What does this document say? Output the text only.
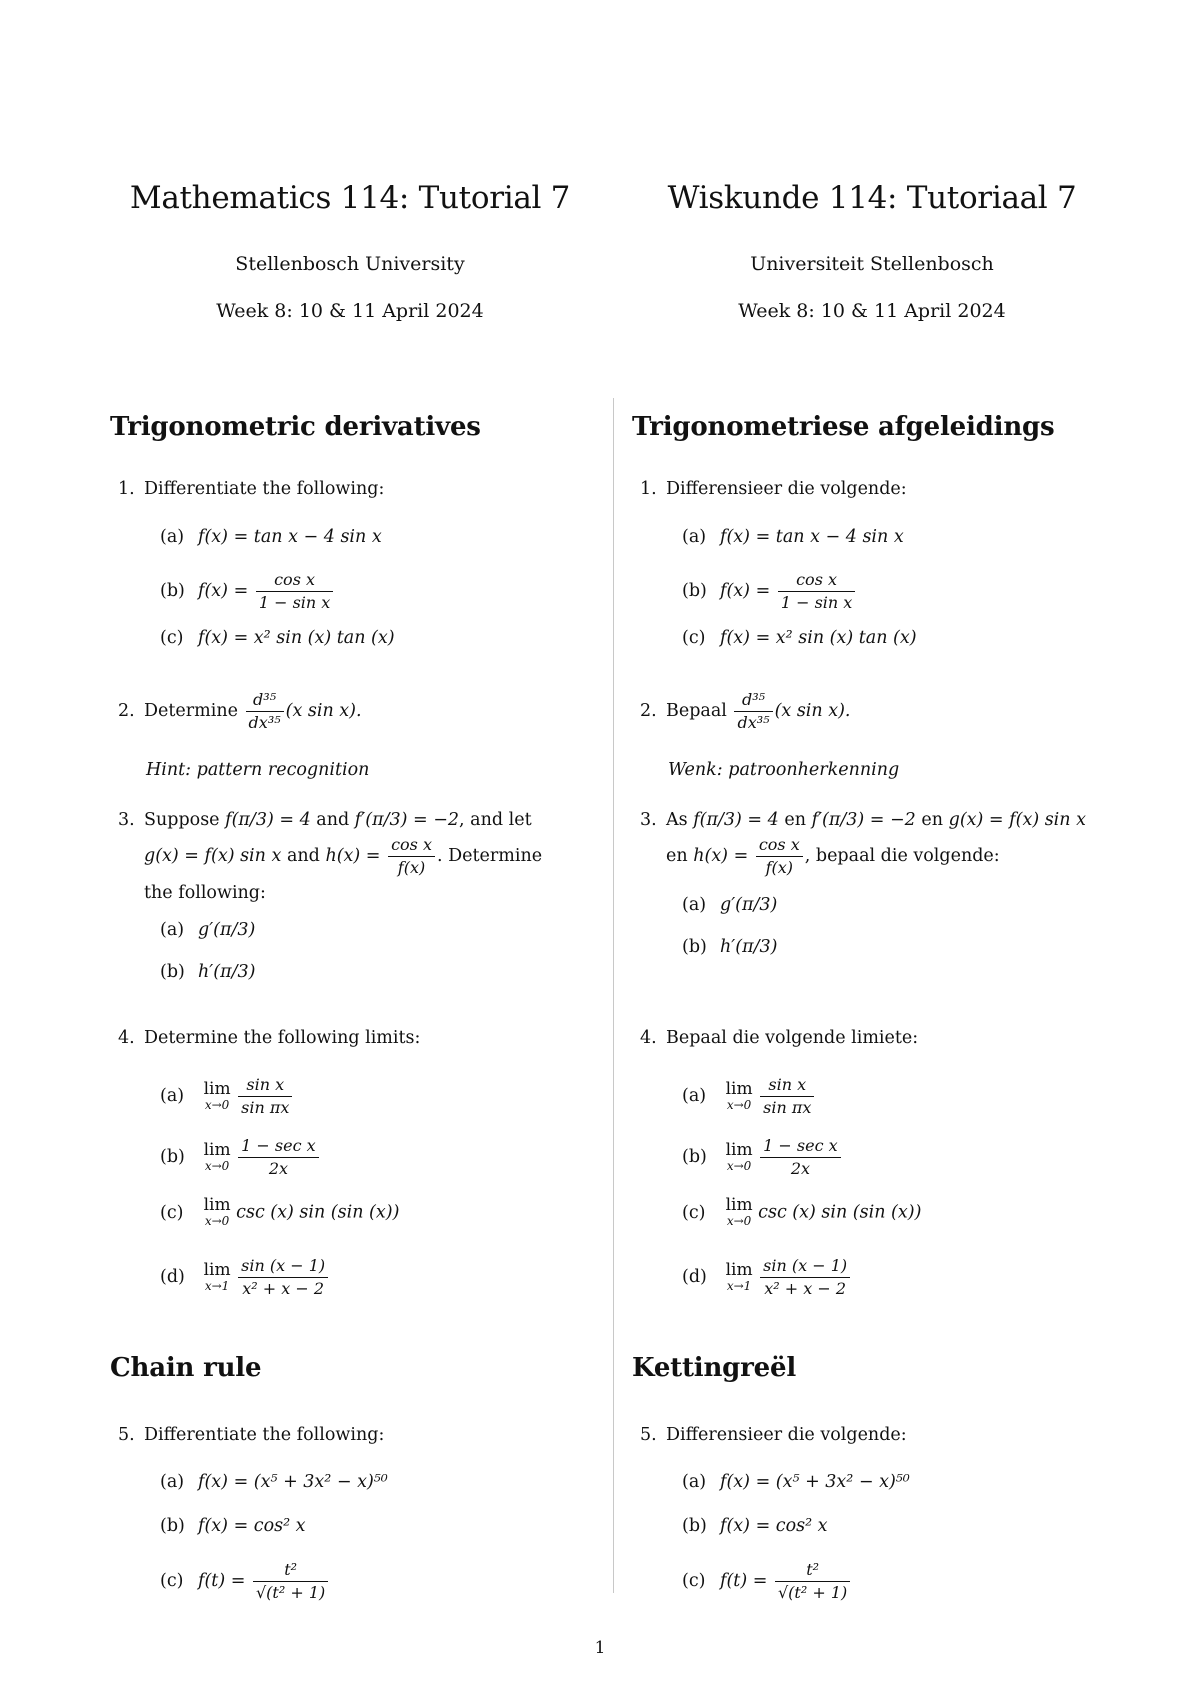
Mathematics 114: Tutorial 7
Stellenbosch University
Week 8: 10 & 11 April 2024
Trigonometric derivatives
1. Differentiate the following:
(a) f(x) = tan x − 4 sin x
(b) $f(x) = \frac{\text{cos x}}{\text{1 − sin x}}$
(c) f(x) = x² sin (x) tan (x)
2. Determine $\frac{\text{d³⁵}}{\text{dx³⁵}} (x$ sin x).
Hint: pattern recognition
3. Suppose f(π/3) = 4 and f′(π/3) = −2, and let
g(x) = f(x) sin x and $h(x) = \frac{\text{cos x}}{f(x)}$ . Determine
the following:
(a) g′(π/3)
(b) h′(π/3)
4. Determine the following limits:
(a) lim
x→0
$\frac{\text{sin x}}{\text{sin πx}}$
(b) lim
x→0
$\frac{\text{1 − sec x}}{2x}$
(c) lim
x→0 csc (x) sin (sin (x))
(d) lim
x→1
$\frac{\sin (x - 1)}{\text{x² + x − 2}}$
Chain rule
5. Differentiate the following:
(a) f(x) = (x⁵ + 3x² − x)⁵⁰
(b) f(x) = cos² x
(c) $f(t) = \frac{\text{t²}}{\text{√(t² + 1)}}$
Wiskunde 114: Tutoriaal 7
Universiteit Stellenbosch
Week 8: 10 & 11 April 2024
Trigonometriese afgeleidings
1. Differensieer die volgende:
(a) f(x) = tan x − 4 sin x
(b) $f(x) = \frac{\text{cos x}}{\text{1 − sin x}}$
(c) f(x) = x² sin (x) tan (x)
2. Bepaal $\frac{\text{d³⁵}}{\text{dx³⁵}} (x$ sin x).
Wenk: patroonherkenning
3. As f(π/3) = 4 en f′(π/3) = −2 en g(x) = f(x) sin x
en $h(x) = \frac{\text{cos x}}{f(x)}$ , bepaal die volgende:
(a) g′(π/3)
(b) h′(π/3)
4. Bepaal die volgende limiete:
(a) lim
x→0
$\frac{\text{sin x}}{\text{sin πx}}$
(b) lim
x→0
$\frac{\text{1 − sec x}}{2x}$
(c) lim
x→0 csc (x) sin (sin (x))
(d) lim
x→1
$\frac{\sin (x - 1)}{\text{x² + x − 2}}$
Kettingreël
5. Differensieer die volgende:
(a) f(x) = (x⁵ + 3x² − x)⁵⁰
(b) f(x) = cos² x
(c) $f(t) = \frac{\text{t²}}{\text{√(t² + 1)}}$
1
